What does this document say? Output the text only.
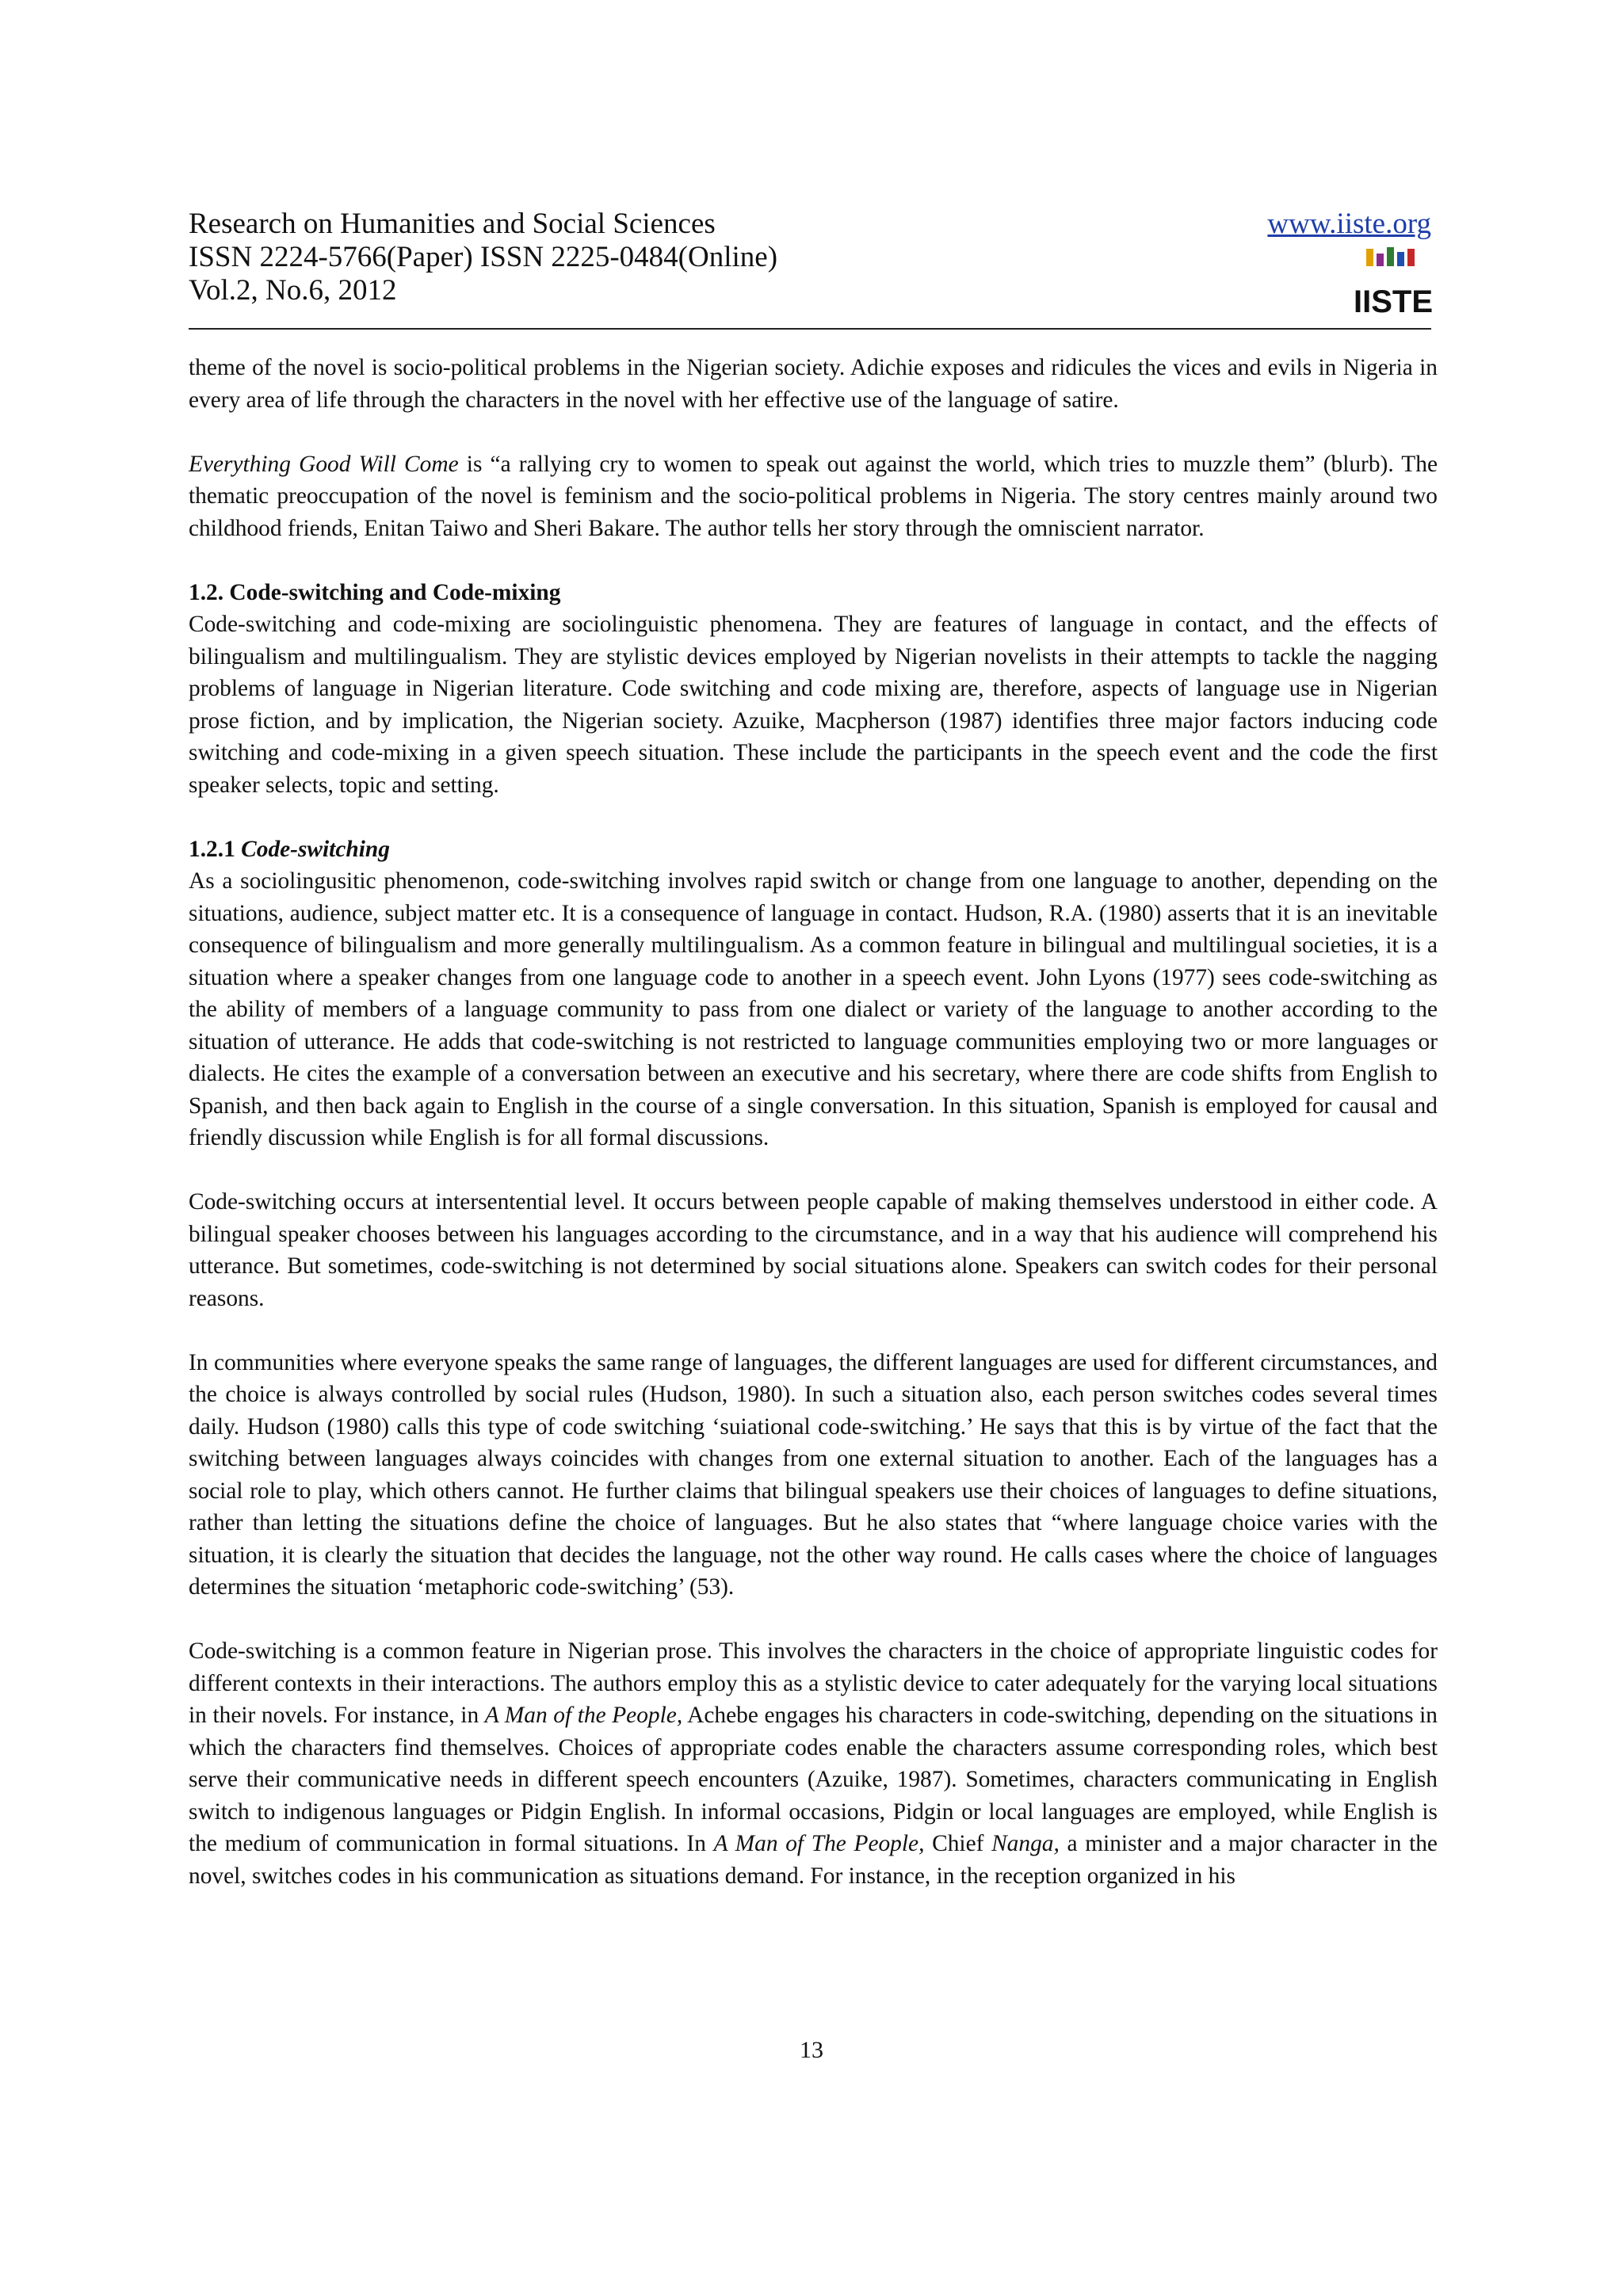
Research on Humanities and Social Sciences
ISSN 2224-5766(Paper) ISSN 2225-0484(Online)
Vol.2, No.6, 2012
www.iiste.org
IISTE

theme of the novel is socio-political problems in the Nigerian society. Adichie exposes and ridicules the vices and evils in Nigeria in every area of life through the characters in the novel with her effective use of the language of satire.

Everything Good Will Come is “a rallying cry to women to speak out against the world, which tries to muzzle them” (blurb). The thematic preoccupation of the novel is feminism and the socio-political problems in Nigeria. The story centres mainly around two childhood friends, Enitan Taiwo and Sheri Bakare. The author tells her story through the omniscient narrator.

1.2. Code-switching and Code-mixing

Code-switching and code-mixing are sociolinguistic phenomena. They are features of language in contact, and the effects of bilingualism and multilingualism. They are stylistic devices employed by Nigerian novelists in their attempts to tackle the nagging problems of language in Nigerian literature. Code switching and code mixing are, therefore, aspects of language use in Nigerian prose fiction, and by implication, the Nigerian society. Azuike, Macpherson (1987) identifies three major factors inducing code switching and code-mixing in a given speech situation. These include the participants in the speech event and the code the first speaker selects, topic and setting.

1.2.1 Code-switching

As a sociolingusitic phenomenon, code-switching involves rapid switch or change from one language to another, depending on the situations, audience, subject matter etc. It is a consequence of language in contact. Hudson, R.A. (1980) asserts that it is an inevitable consequence of bilingualism and more generally multilingualism. As a common feature in bilingual and multilingual societies, it is a situation where a speaker changes from one language code to another in a speech event. John Lyons (1977) sees code-switching as the ability of members of a language community to pass from one dialect or variety of the language to another according to the situation of utterance. He adds that code-switching is not restricted to language communities employing two or more languages or dialects. He cites the example of a conversation between an executive and his secretary, where there are code shifts from English to Spanish, and then back again to English in the course of a single conversation. In this situation, Spanish is employed for causal and friendly discussion while English is for all formal discussions.

Code-switching occurs at intersentential level. It occurs between people capable of making themselves understood in either code. A bilingual speaker chooses between his languages according to the circumstance, and in a way that his audience will comprehend his utterance. But sometimes, code-switching is not determined by social situations alone. Speakers can switch codes for their personal reasons.

In communities where everyone speaks the same range of languages, the different languages are used for different circumstances, and the choice is always controlled by social rules (Hudson, 1980). In such a situation also, each person switches codes several times daily. Hudson (1980) calls this type of code switching ‘suiational code-switching.’ He says that this is by virtue of the fact that the switching between languages always coincides with changes from one external situation to another. Each of the languages has a social role to play, which others cannot. He further claims that bilingual speakers use their choices of languages to define situations, rather than letting the situations define the choice of languages. But he also states that “where language choice varies with the situation, it is clearly the situation that decides the language, not the other way round. He calls cases where the choice of languages determines the situation ‘metaphoric code-switching’ (53).

Code-switching is a common feature in Nigerian prose. This involves the characters in the choice of appropriate linguistic codes for different contexts in their interactions. The authors employ this as a stylistic device to cater adequately for the varying local situations in their novels. For instance, in A Man of the People, Achebe engages his characters in code-switching, depending on the situations in which the characters find themselves. Choices of appropriate codes enable the characters assume corresponding roles, which best serve their communicative needs in different speech encounters (Azuike, 1987). Sometimes, characters communicating in English switch to indigenous languages or Pidgin English. In informal occasions, Pidgin or local languages are employed, while English is the medium of communication in formal situations. In A Man of The People, Chief Nanga, a minister and a major character in the novel, switches codes in his communication as situations demand. For instance, in the reception organized in his

13
